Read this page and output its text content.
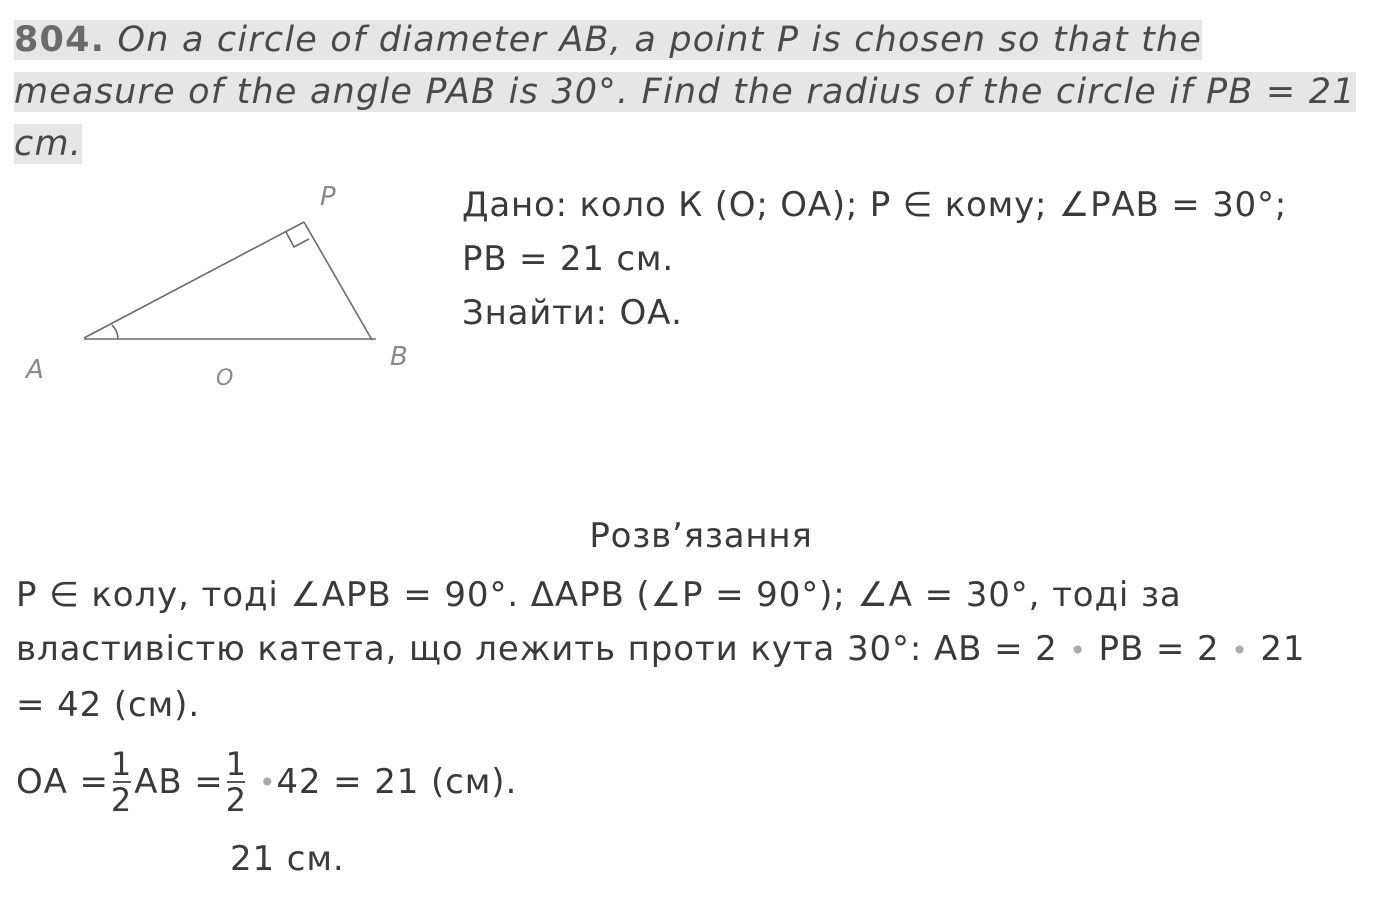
804. On a circle of diameter AB, a point P is chosen so that the measure of the angle PAB is 30°. Find the radius of the circle if PB = 21 cm.
P
A	B
O
Дано: коло К (О; ОА); Р ∈ кому; ∠РАВ = 30°;
РВ = 21 см.
Знайти: ОА.
Розв’язання
Р ∈ колу, тоді ∠АРВ = 90°. ΔАРВ (∠Р = 90°); ∠А = 30°, тоді за
властивістю катета, що лежить проти кута 30°: АВ = 2 • РВ = 2 • 21
= 42 (см).
ОА = $\frac{1}{2}$ АВ = $\frac{1}{2}$ • 42 = 21 (см).
21 см.
